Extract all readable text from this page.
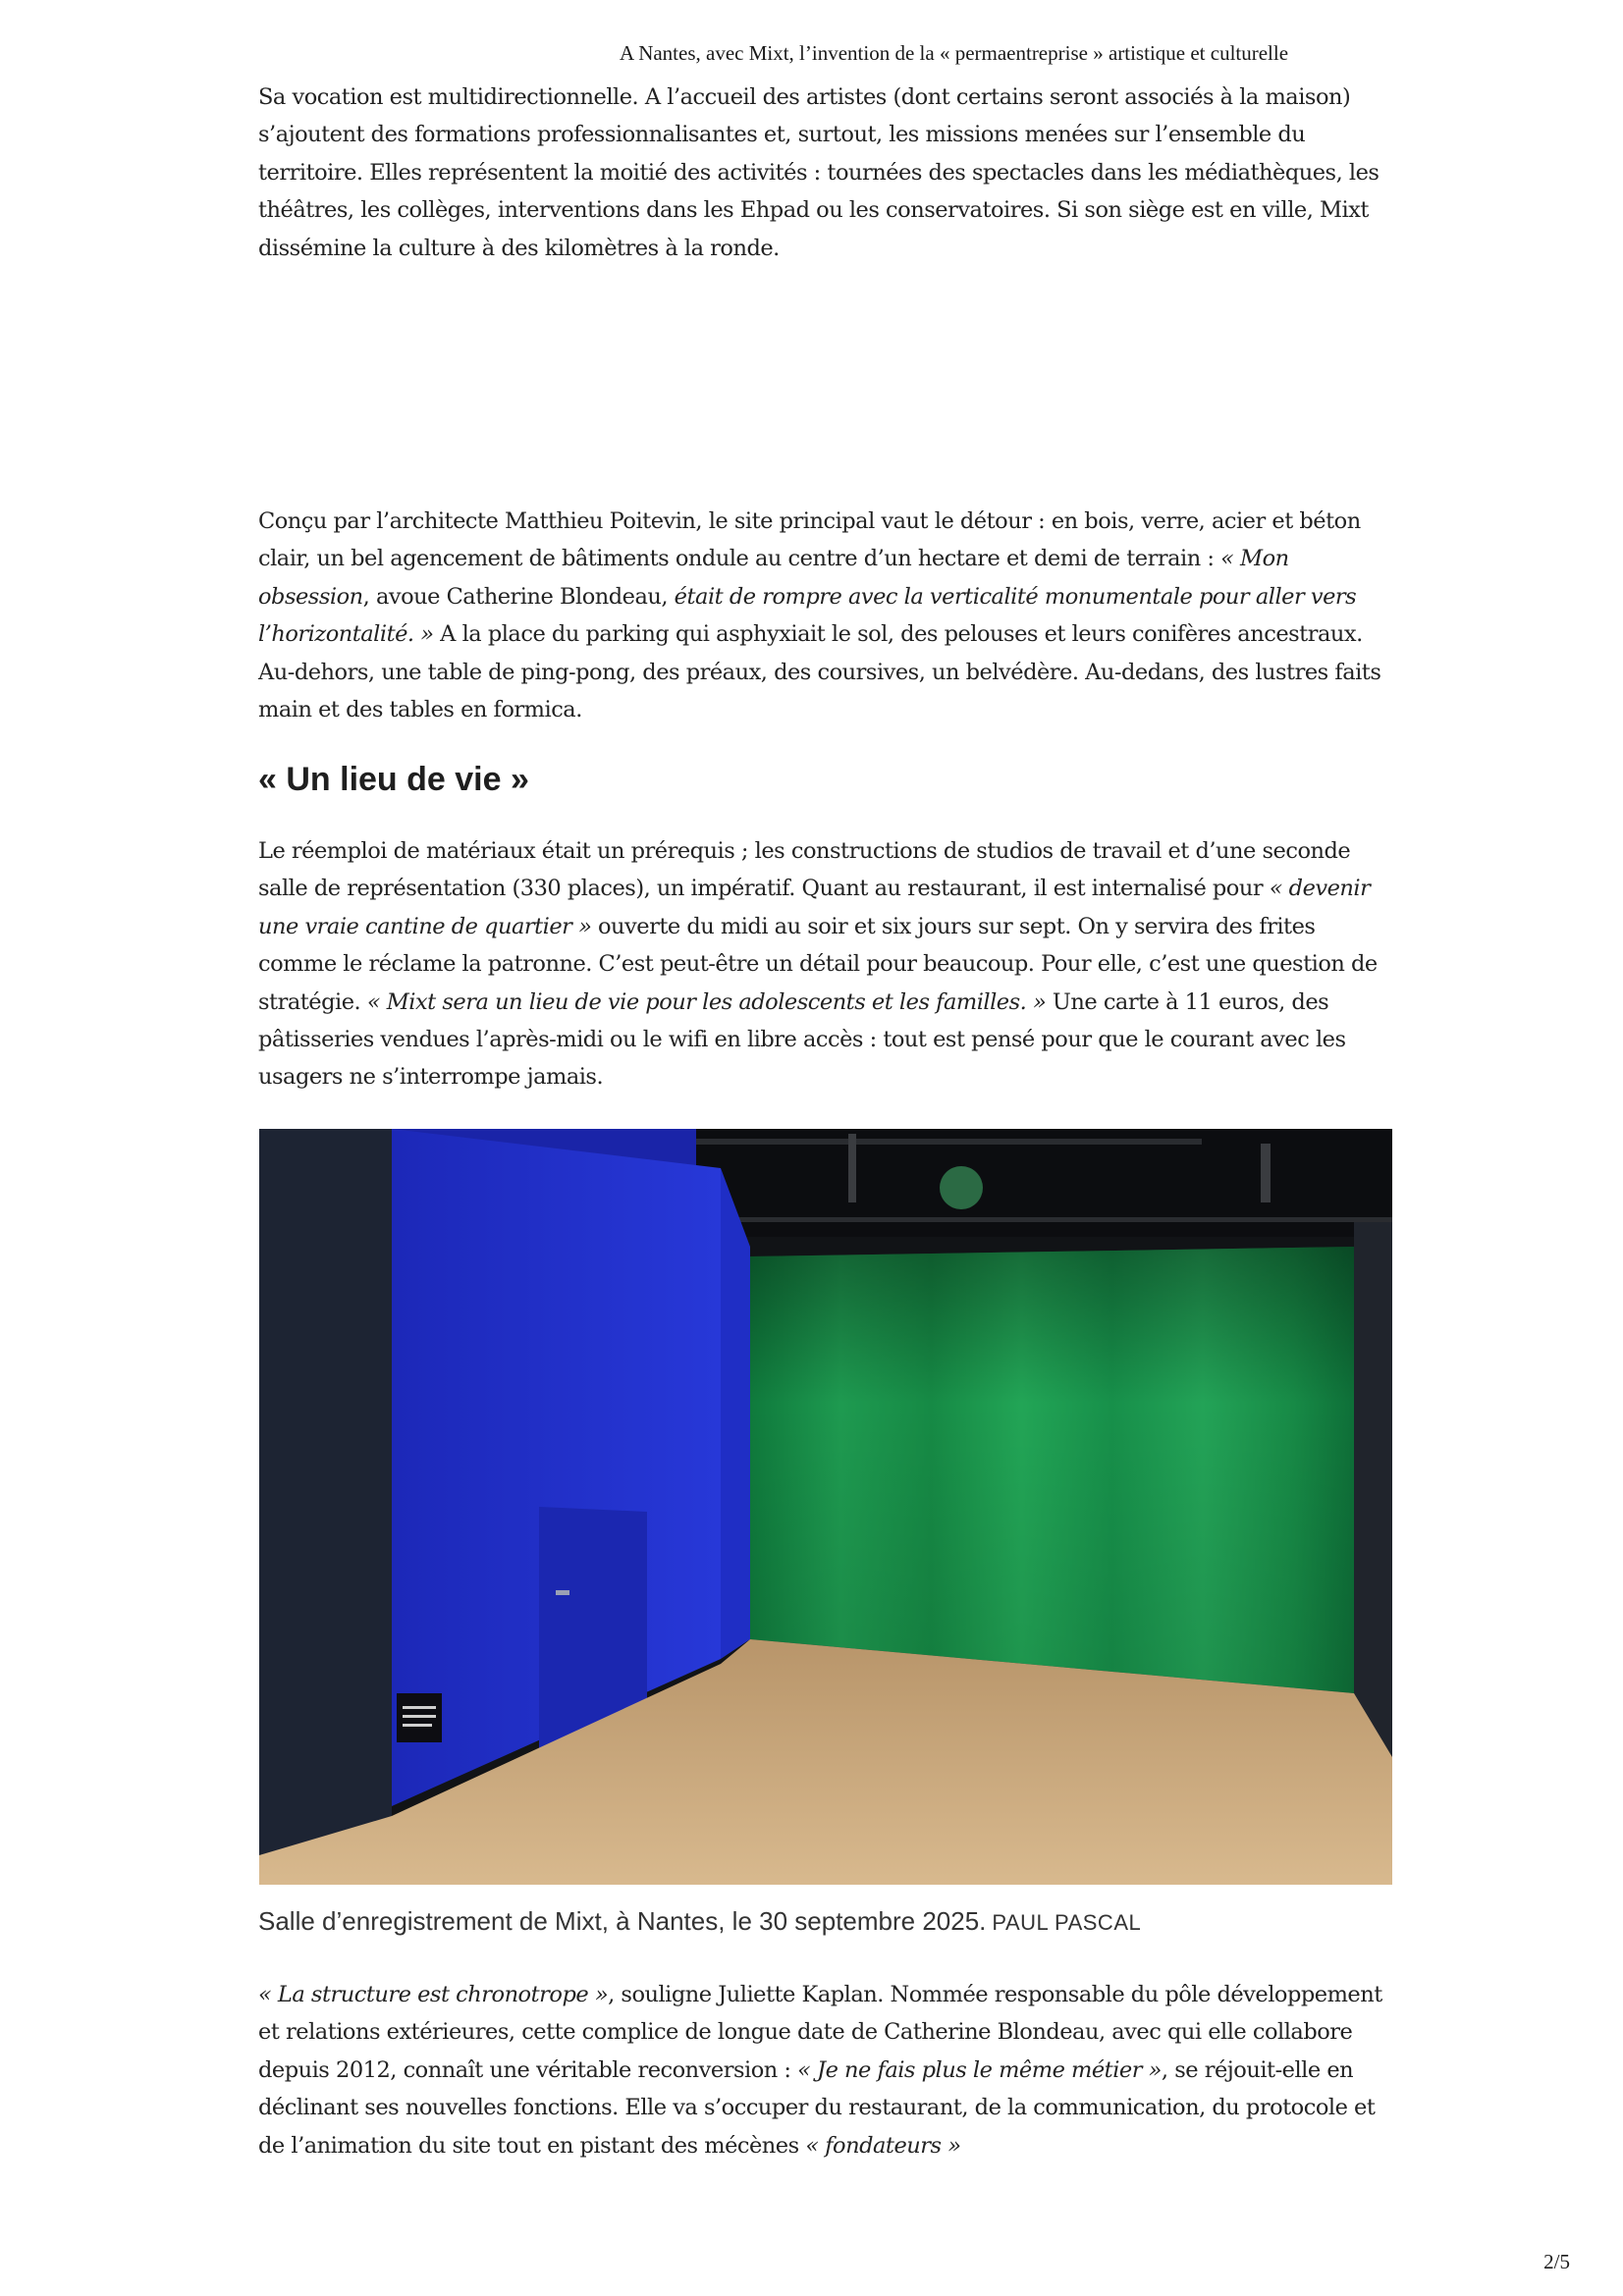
A Nantes, avec Mixt, l’invention de la « permaentreprise » artistique et culturelle

Sa vocation est multidirectionnelle. A l’accueil des artistes (dont certains seront associés à la maison) s’ajoutent des formations professionnalisantes et, surtout, les missions menées sur l’ensemble du territoire. Elles représentent la moitié des activités : tournées des spectacles dans les médiathèques, les théâtres, les collèges, interventions dans les Ehpad ou les conservatoires. Si son siège est en ville, Mixt dissémine la culture à des kilomètres à la ronde.

Conçu par l’architecte Matthieu Poitevin, le site principal vaut le détour : en bois, verre, acier et béton clair, un bel agencement de bâtiments ondule au centre d’un hectare et demi de terrain : « Mon obsession, avoue Catherine Blondeau, était de rompre avec la verticalité monumentale pour aller vers l’horizontalité. » A la place du parking qui asphyxiait le sol, des pelouses et leurs conifères ancestraux. Au-dehors, une table de ping-pong, des préaux, des coursives, un belvédère. Au-dedans, des lustres faits main et des tables en formica.

« Un lieu de vie »

Le réemploi de matériaux était un prérequis ; les constructions de studios de travail et d’une seconde salle de représentation (330 places), un impératif. Quant au restaurant, il est internalisé pour « devenir une vraie cantine de quartier » ouverte du midi au soir et six jours sur sept. On y servira des frites comme le réclame la patronne. C’est peut-être un détail pour beaucoup. Pour elle, c’est une question de stratégie. « Mixt sera un lieu de vie pour les adolescents et les familles. » Une carte à 11 euros, des pâtisseries vendues l’après-midi ou le wifi en libre accès : tout est pensé pour que le courant avec les usagers ne s’interrompe jamais.

Salle d’enregistrement de Mixt, à Nantes, le 30 septembre 2025. PAUL PASCAL

« La structure est chronotrope », souligne Juliette Kaplan. Nommée responsable du pôle développement et relations extérieures, cette complice de longue date de Catherine Blondeau, avec qui elle collabore depuis 2012, connaît une véritable reconversion : « Je ne fais plus le même métier », se réjouit-elle en déclinant ses nouvelles fonctions. Elle va s’occuper du restaurant, de la communication, du protocole et de l’animation du site tout en pistant des mécènes « fondateurs »

2/5
